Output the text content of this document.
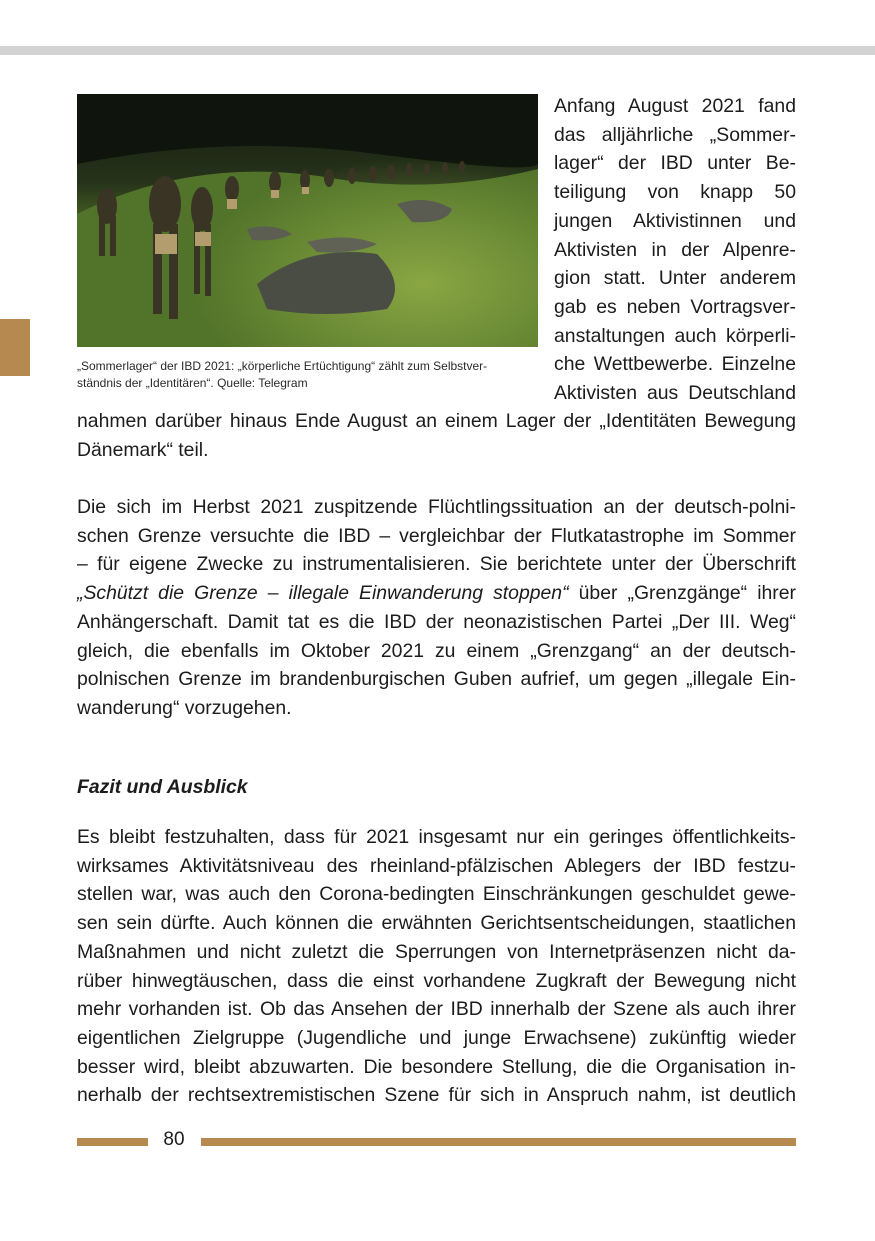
„Sommerlager“ der IBD 2021: „körperliche Ertüchtigung“ zählt zum Selbstver-
ständnis der „Identitären“. Quelle: Telegram
Anfang August 2021 fand
das alljährliche „Sommer-
lager“ der IBD unter Be-
teiligung von knapp 50
jungen Aktivistinnen und
Aktivisten in der Alpenre-
gion statt. Unter anderem
gab es neben Vortragsver-
anstaltungen auch körperli-
che Wettbewerbe. Einzelne
Aktivisten aus Deutschland
nahmen darüber hinaus Ende August an einem Lager der „Identitäten Bewegung
Dänemark“ teil.
Die sich im Herbst 2021 zuspitzende Flüchtlingssituation an der deutsch-polni-
schen Grenze versuchte die IBD – vergleichbar der Flutkatastrophe im Sommer
– für eigene Zwecke zu instrumentalisieren. Sie berichtete unter der Überschrift
„Schützt die Grenze – illegale Einwanderung stoppen“ über „Grenzgänge“ ihrer
Anhängerschaft. Damit tat es die IBD der neonazistischen Partei „Der III. Weg“
gleich, die ebenfalls im Oktober 2021 zu einem „Grenzgang“ an der deutsch-
polnischen Grenze im brandenburgischen Guben aufrief, um gegen „illegale Ein-
wanderung“ vorzugehen.
Fazit und Ausblick
Es bleibt festzuhalten, dass für 2021 insgesamt nur ein geringes öffentlichkeits-
wirksames Aktivitätsniveau des rheinland-pfälzischen Ablegers der IBD festzu-
stellen war, was auch den Corona-bedingten Einschränkungen geschuldet gewe-
sen sein dürfte. Auch können die erwähnten Gerichtsentscheidungen, staatlichen
Maßnahmen und nicht zuletzt die Sperrungen von Internetpräsenzen nicht da-
rüber hinwegtäuschen, dass die einst vorhandene Zugkraft der Bewegung nicht
mehr vorhanden ist. Ob das Ansehen der IBD innerhalb der Szene als auch ihrer
eigentlichen Zielgruppe (Jugendliche und junge Erwachsene) zukünftig wieder
besser wird, bleibt abzuwarten. Die besondere Stellung, die die Organisation in-
nerhalb der rechtsextremistischen Szene für sich in Anspruch nahm, ist deutlich
80
